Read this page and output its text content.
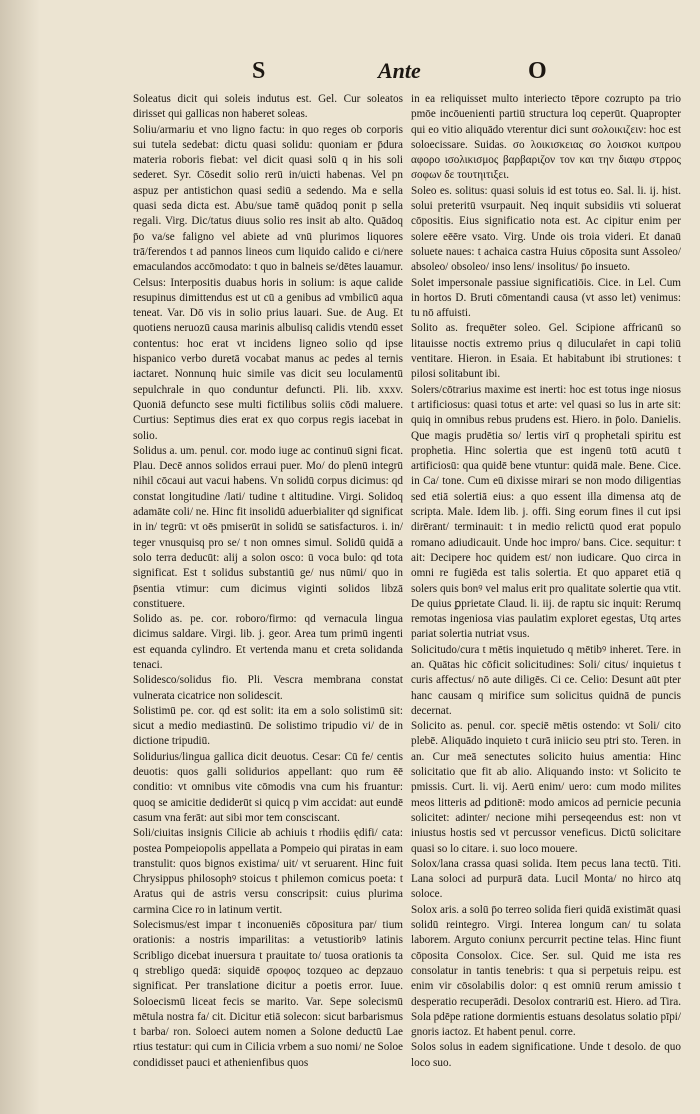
S	Ante	O

Soleatus dicit qui soleis indutus est. Gel. Cur soleatos dirisset qui gallicas non haberet soleas.

Soliu/armariu et vno ligno factu: in quo reges ob corporis sui tutela sedebat: dictu quasi solidu: quoniam er p̄dura materia roboris fiebat: vel dicit quasi solū q in his soli sederet. Syr. Cōsedit solio rerū in/uicti habenas. Vel pn aspuz per antistichon quasi sediū a sedendo. Ma e sella quasi seda dicta est. Abu/sue tamē quādoq ponit p sella regali. Virg. Dic/tatus diuus solio res insit ab alto. Quādoq p̄o va/se faligno vel abiete ad vnū plurimos liquores trā/ferendos t ad pannos lineos cum liquido calido e ci/nere emaculandos accōmodato: t quo in balneis se/dētes lauamur. Celsus: Interpositis duabus horis in solium: is aque calide resupinus dimittendus est ut cū a genibus ad vmbilicū aqua teneat. Var. Dō vis in solio prius lauari. Sue. de Aug. Et quotiens neruozū causa marinis albulisq calidis vtendū esset contentus: hoc erat vt incidens ligneo solio qd ipse hispanico verbo duretā vocabat manus ac pedes al ternis iactaret. Nonnunq huic simile vas dicit seu loculamentū sepulchrale in quo conduntur defuncti. Pli. lib. xxxv. Quoniā defuncto sese multi fictilibus soliis cōdi maluere. Curtius: Septimus dies erat ex quo corpus regis iacebat in solio.

Solidus a. um. penul. cor. modo iuge ac continuū signi ficat. Plau. Decē annos solidos erraui puer. Mo/ do plenū integrū nihil cōcaui aut vacui habens. Vn solidū corpus dicimus: qd constat longitudine /lati/ tudine t altitudine. Virgi. Solidoq adamāte coli/ ne. Hinc fit insolidū aduerbialiter qd significat in in/ tegrū: vt oēs pmiserūt in solidū se satisfacturos. i. in/ teger vnusquisq pro se/ t non omnes simul. Solidū quidā a solo terra deducūt: alij a solon osco: ū voca bulo: qd tota significat. Est t solidus substantiū ge/ nus nūmi/ quo in p̄sentia vtimur: cum dicimus viginti solidos libzā constituere.

Solido as. pe. cor. roboro/firmo: qd vernacula lingua dicimus saldare. Virgi. lib. j. geor. Area tum primū ingenti est equanda cylindro. Et vertenda manu et creta solidanda tenaci.

Solidesco/solidus fio. Pli. Vescra membrana constat vulnerata cicatrice non solidescit.

Solistimū pe. cor. qd est solit: ita em a solo solistimū sit: sicut a medio mediastinū. De solistimo tripudio vi/ de in dictione tripudiū.

Solidurius/lingua gallica dicit deuotus. Cesar: Cū fe/ centis deuotis: quos galli solidurios appellant: quo rum ēē conditio: vt omnibus vite cōmodis vna cum his fruantur: quoq se amicitie dediderūt si quicq p vim accidat: aut eundē casum vna ferāt: aut sibi mor tem consciscant.

Soli/ciuitas insignis Cilicie ab achiuis t rhodiis ędifi/ cata: postea Pompeiopolis appellata a Pompeio qui piratas in eam transtulit: quos bignos existima/ uit/ vt seruarent. Hinc fuit Chrysippus philosophꝰ stoicus t philemon comicus poeta: t Aratus qui de astris versu conscripsit: cuius plurima carmina Cice ro in latinum vertit.

Solecismus/est impar t inconueniēs cōpositura par/ tium orationis: a nostris imparilitas: a vetustioribꝰ latinis Scribligo dicebat inuersura t prauitate to/ tuosa orationis ta q strebligo quedā: siquidē σροφος tozqueo ac depzauo significat. Per translatione dicitur a poetis error. Iuue. Soloecismū liceat fecis se marito. Var. Sepe solecismū mētula nostra fa/ cit. Dicitur etiā solecon: sicut barbarismus t barba/ ron. Soloeci autem nomen a Solone deductū Lae rtius testatur: qui cum in Cilicia vrbem a suo nomi/ ne Soloe condidisset pauci et athenienfibus quos

in ea reliquisset multo interiecto tēpore cozrupto pa trio pmōe incōuenienti partiū structura loq ceperūt. Quapropter qui eo vitio aliquādo vterentur dici sunt σολοικιζειν: hoc est soloecissare. Suidas. σο λοικισκειας σο λοισκοι κυπρου αφορο ισολικισμος βαρβαριζον τον και την διαφυ στρρος σοφων δε τουτηιτιξει.

Soleo es. solitus: quasi soluis id est totus eo. Sal. li. ij. hist. solui preteritū vsurpauit. Neq inquit subsidiis vti soluerat cōpositis. Eius significatio nota est. Ac cipitur enim per solere eēēre vsato. Virg. Unde ois troia videri. Et danaū soluete naues: t achaica castra Huius cōposita sunt Assoleo/ absoleo/ obsoleo/ inso lens/ insolitus/ p̄o insueto.

Solet impersonale passiue significatiōis. Cice. in Lel. Cum in hortos D. Bruti cōmentandi causa (vt asso let) venimus: tu nō affuisti.

Solito as. frequēter soleo. Gel. Scipione affricanū so litauisse noctis extremo prius q diluculaŕet in capi toliū ventitare. Hieron. in Esaia. Et habitabunt ibi strutiones: t pilosi solitabunt ibi.

Solers/cōtrarius maxime est inerti: hoc est totus inge niosus t artificiosus: quasi totus et arte: vel quasi so lus in arte sit: quiq in omnibus rebus prudens est. Hiero. in p̄olo. Danielis. Que magis prudētia so/ lertis virī q prophetali spiritu est prophetia. Hinc solertia que est ingenū totū acutū t artificiosū: qua quidē bene vtuntur: quidā male. Bene. Cice. in Ca/ tone. Cum eū dixisse mirari se non modo diligentias sed etiā solertiā eius: a quo essent illa dimensa atq de scripta. Male. Idem lib. j. offi. Sing eorum fines il cut ipsi dirērant/ terminauit: t in medio relictū quod erat populo romano adiudicauit. Unde hoc impro/ bans. Cice. sequitur: t ait: Decipere hoc quidem est/ non iudicare. Quo circa in omni re fugiēda est talis solertia. Et quo apparet etiā q solers quis bonꝰ vel malus erit pro qualitate solertie qua vtit. De quius ꝑprietate Claud. li. iij. de raptu sic inquit: Rerumq remotas ingeniosa vias paulatim exploret egestas, Utq artes pariat solertia nutriat vsus.

Solicitudo/cura t mētis inquietudo q mētibꝰ inheret. Tere. in an. Quātas hic cōficit solicitudines: Soli/ citus/ inquietus t curis affectus/ nō aute diligēs. Ci ce. Celio: Desunt aūt pter hanc causam q mirifice sum solicitus quidnā de puncis decernat.

Solicito as. penul. cor. speciē mētis ostendo: vt Soli/ cito plebē. Aliquādo inquieto t curā iniicio seu ptri sto. Teren. in an. Cur meā senectutes solicito huius amentia: Hinc solicitatio que fit ab alio. Aliquando insto: vt Solicito te pmissis. Curt. li. vij. Aerū enim/ uero: cum modo milites meos litteris ad ꝑditionē: modo amicos ad pernicie pecunia solicitet: adinter/ necione mihi perseqeendus est: non vt iniustus hostis sed vt percussor veneficus. Dictū solicitare quasi so lo citare. i. suo loco mouere.

Solox/lana crassa quasi solida. Item pecus lana tectū. Titi. Lana soloci ad purpurā data. Lucil Monta/ no hirco atq soloce.

Solox aris. a solū p̄o terreo solida fieri quidā existimāt quasi solidū reintegro. Virgi. Interea longum can/ tu solata laborem. Arguto coniunx percurrit pectine telas. Hinc fiunt cōposita Consolox. Cice. Ser. sul. Quid me ista res consolatur in tantis tenebris: t qua si perpetuis reipu. est enim vir cōsolabilis dolor: q est omniū rerum amissio t desperatio recuperādi. Desolox contrariū est. Hiero. ad Tira. Sola pdēpe ratione dormientis estuans desolatus solatio pīpi/ gnoris iactoz. Et habent penul. corre.

Solos solus in eadem significatione. Unde t desolo. de quo loco suo.
